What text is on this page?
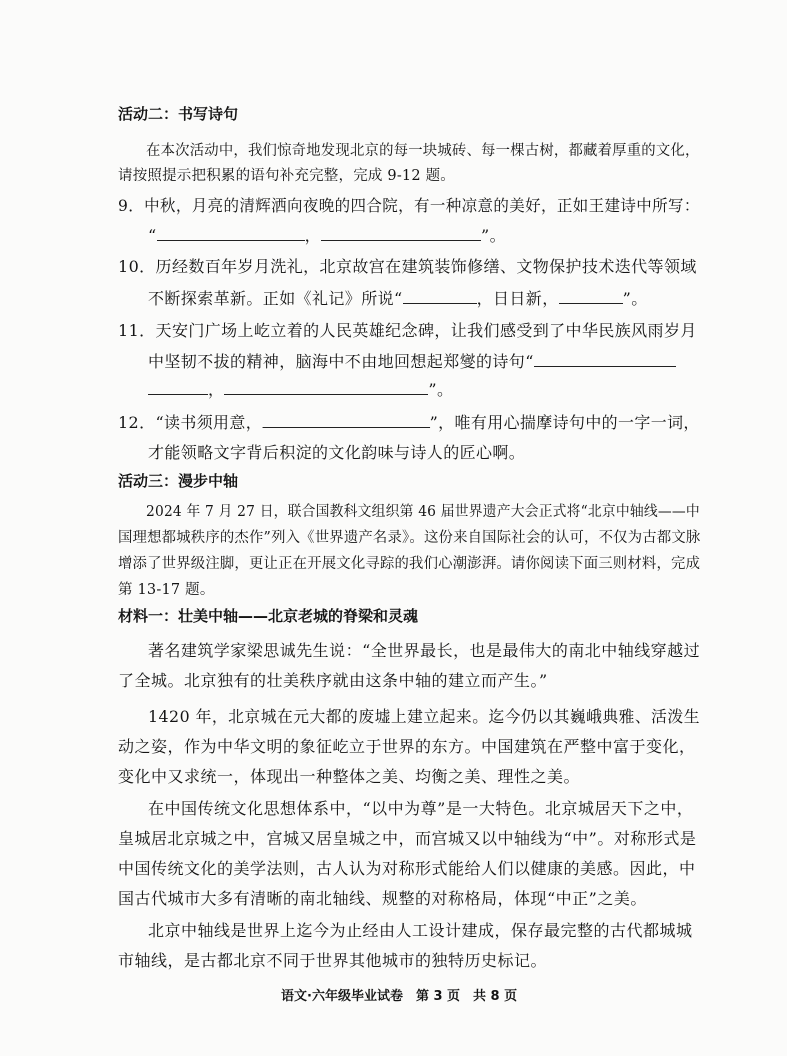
活动二：书写诗句
在本次活动中，我们惊奇地发现北京的每一块城砖、每一棵古树，都藏着厚重的文化，
请按照提示把积累的语句补充完整，完成 9-12 题。
9．中秋，月亮的清辉洒向夜晚的四合院，有一种凉意的美好，正如王建诗中所写：
“	，	”。
10．历经数百年岁月洗礼，北京故宫在建筑装饰修缮、文物保护技术迭代等领域
不断探索革新。正如《礼记》所说“	，日日新，	”。
11．天安门广场上屹立着的人民英雄纪念碑，让我们感受到了中华民族风雨岁月
中坚韧不拔的精神，脑海中不由地回想起郑燮的诗句“
，	”。
12．“读书须用意，	”，唯有用心揣摩诗句中的一字一词，
才能领略文字背后积淀的文化韵味与诗人的匠心啊。
活动三：漫步中轴
2024 年 7 月 27 日，联合国教科文组织第 46 届世界遗产大会正式将“北京中轴线——中
国理想都城秩序的杰作”列入《世界遗产名录》。这份来自国际社会的认可，不仅为古都文脉
增添了世界级注脚，更让正在开展文化寻踪的我们心潮澎湃。请你阅读下面三则材料，完成
第 13-17 题。
材料一：壮美中轴——北京老城的脊梁和灵魂
著名建筑学家梁思诚先生说：“全世界最长，也是最伟大的南北中轴线穿越过
了全城。北京独有的壮美秩序就由这条中轴的建立而产生。”
1420 年，北京城在元大都的废墟上建立起来。迄今仍以其巍峨典雅、活泼生
动之姿，作为中华文明的象征屹立于世界的东方。中国建筑在严整中富于变化，
变化中又求统一，体现出一种整体之美、均衡之美、理性之美。
在中国传统文化思想体系中，“以中为尊”是一大特色。北京城居天下之中，
皇城居北京城之中，宫城又居皇城之中，而宫城又以中轴线为“中”。对称形式是
中国传统文化的美学法则，古人认为对称形式能给人们以健康的美感。因此，中
国古代城市大多有清晰的南北轴线、规整的对称格局，体现“中正”之美。
北京中轴线是世界上迄今为止经由人工设计建成，保存最完整的古代都城城
市轴线，是古都北京不同于世界其他城市的独特历史标记。
语文·六年级毕业试卷　第 3 页　共 8 页
